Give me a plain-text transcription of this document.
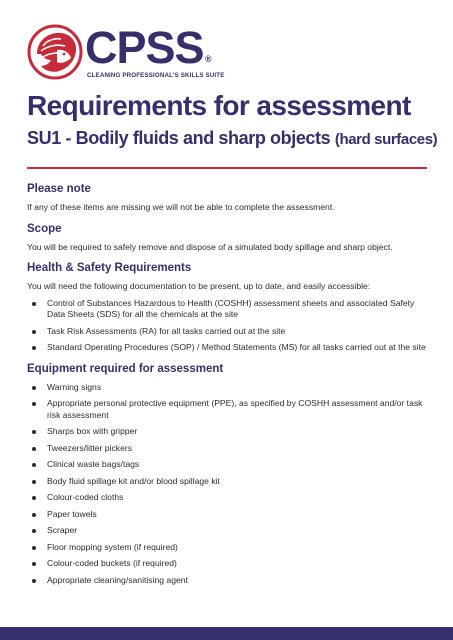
CPSS ®
CLEANING PROFESSIONAL'S SKILLS SUITE
Requirements for assessment
SU1 - Bodily fluids and sharp objects (hard surfaces)
Please note

If any of these items are missing we will not be able to complete the assessment.

Scope

You will be required to safely remove and dispose of a simulated body spillage and sharp object.

Health & Safety Requirements

You will need the following documentation to be present, up to date, and easily accessible:

Control of Substances Hazardous to Health (COSHH) assessment sheets and associated Safety Data Sheets (SDS) for all the chemicals at the site
Task Risk Assessments (RA) for all tasks carried out at the site
Standard Operating Procedures (SOP) / Method Statements (MS) for all tasks carried out at the site
Equipment required for assessment
Warning signs
Appropriate personal protective equipment (PPE), as specified by COSHH assessment and/or task risk assessment
Sharps box with gripper
Tweezers/litter pickers
Clinical waste bags/tags
Body fluid spillage kit and/or blood spillage kit
Colour-coded cloths
Paper towels
Scraper
Floor mopping system (if required)
Colour-coded buckets (if required)
Appropriate cleaning/sanitising agent
